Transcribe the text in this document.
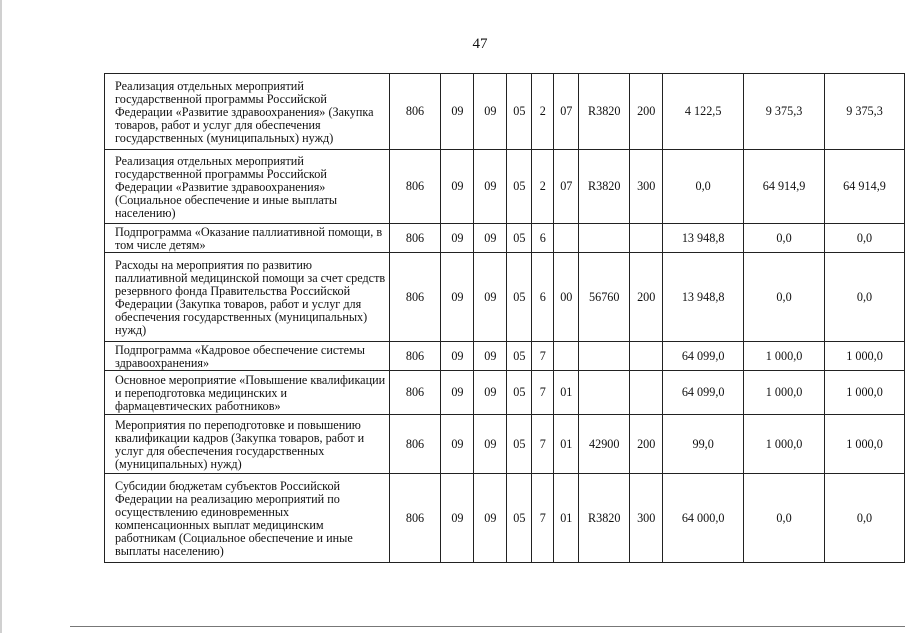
47
Реализация отдельных мероприятий государственной программы Российской Федерации «Развитие здравоохранения» (Закупка товаров, работ и услуг для обеспечения государственных (муниципальных) нужд)	806	09	09	05	2	07	R3820	200	4 122,5	9 375,3	9 375,3
Реализация отдельных мероприятий государственной программы Российской Федерации «Развитие здравоохранения» (Социальное обеспечение и иные выплаты населению)	806	09	09	05	2	07	R3820	300	0,0	64 914,9	64 914,9
Подпрограмма «Оказание паллиативной помощи, в том числе детям»	806	09	09	05	6				13 948,8	0,0	0,0
Расходы на мероприятия по развитию паллиативной медицинской помощи за счет средств резервного фонда Правительства Российской Федерации (Закупка товаров, работ и услуг для обеспечения государственных (муниципальных) нужд)	806	09	09	05	6	00	56760	200	13 948,8	0,0	0,0
Подпрограмма «Кадровое обеспечение системы здравоохранения»	806	09	09	05	7				64 099,0	1 000,0	1 000,0
Основное мероприятие «Повышение квалификации и переподготовка медицинских и фармацевтических работников»	806	09	09	05	7	01			64 099,0	1 000,0	1 000,0
Мероприятия по переподготовке и повышению квалификации кадров (Закупка товаров, работ и услуг для обеспечения государственных (муниципальных) нужд)	806	09	09	05	7	01	42900	200	99,0	1 000,0	1 000,0
Субсидии бюджетам субъектов Российской Федерации на реализацию мероприятий по осуществлению единовременных компенсационных выплат медицинским работникам (Социальное обеспечение и иные выплаты населению)	806	09	09	05	7	01	R3820	300	64 000,0	0,0	0,0
